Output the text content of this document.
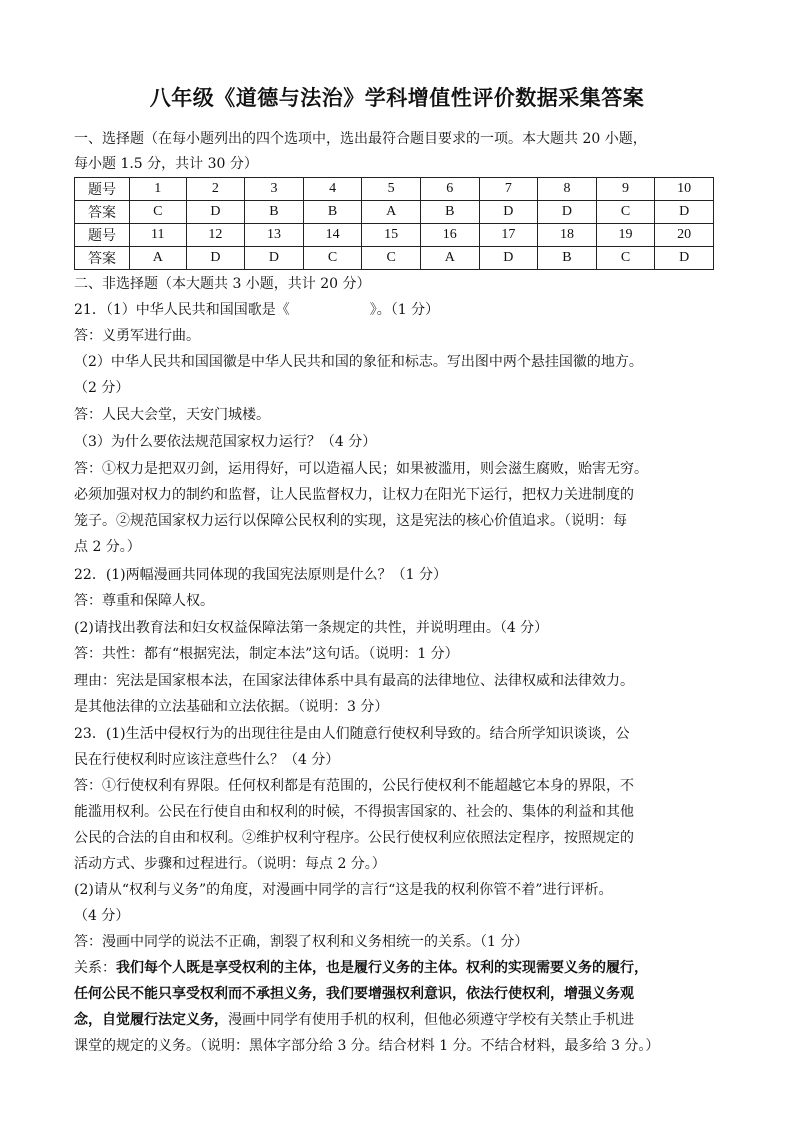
八年级《道德与法治》学科增值性评价数据采集答案

一、选择题（在每小题列出的四个选项中，选出最符合题目要求的一项。本大题共 20 小题，

每小题 1.5 分，共计 30 分）

题号	1	2	3	4	5	6	7	8	9	10
答案	C	D	B	B	A	B	D	D	C	D
题号	11	12	13	14	15	16	17	18	19	20
答案	A	D	D	C	C	A	D	B	C	D

二、非选择题（本大题共 3 小题，共计 20 分）

21．（1）中华人民共和国国歌是《	》。（1 分）

答：义勇军进行曲。

（2）中华人民共和国国徽是中华人民共和国的象征和标志。写出图中两个悬挂国徽的地方。

（2 分）

答：人民大会堂，天安门城楼。

（3）为什么要依法规范国家权力运行？（4 分）

答：①权力是把双刃剑，运用得好，可以造福人民；如果被滥用，则会滋生腐败，贻害无穷。

必须加强对权力的制约和监督，让人民监督权力，让权力在阳光下运行，把权力关进制度的

笼子。②规范国家权力运行以保障公民权利的实现，这是宪法的核心价值追求。（说明：每

点 2 分。）

22．(1)两幅漫画共同体现的我国宪法原则是什么？（1 分）

答：尊重和保障人权。

(2)请找出教育法和妇女权益保障法第一条规定的共性，并说明理由。（4 分）

答：共性：都有“根据宪法，制定本法”这句话。（说明：1 分）

理由：宪法是国家根本法，在国家法律体系中具有最高的法律地位、法律权威和法律效力。

是其他法律的立法基础和立法依据。（说明：3 分）

23．(1)生活中侵权行为的出现往往是由人们随意行使权利导致的。结合所学知识谈谈，公

民在行使权利时应该注意些什么？（4 分）

答：①行使权利有界限。任何权利都是有范围的，公民行使权利不能超越它本身的界限，不

能滥用权利。公民在行使自由和权利的时候，不得损害国家的、社会的、集体的利益和其他

公民的合法的自由和权利。②维护权利守程序。公民行使权利应依照法定程序，按照规定的

活动方式、步骤和过程进行。（说明：每点 2 分。）

(2)请从“权利与义务”的角度，对漫画中同学的言行“这是我的权利你管不着”进行评析。

（4 分）

答：漫画中同学的说法不正确，割裂了权利和义务相统一的关系。（1 分）

关系：我们每个人既是享受权利的主体，也是履行义务的主体。权利的实现需要义务的履行，

任何公民不能只享受权利而不承担义务，我们要增强权利意识，依法行使权利，增强义务观

念，自觉履行法定义务，漫画中同学有使用手机的权利，但他必须遵守学校有关禁止手机进

课堂的规定的义务。（说明：黑体字部分给 3 分。结合材料 1 分。不结合材料，最多给 3 分。）
